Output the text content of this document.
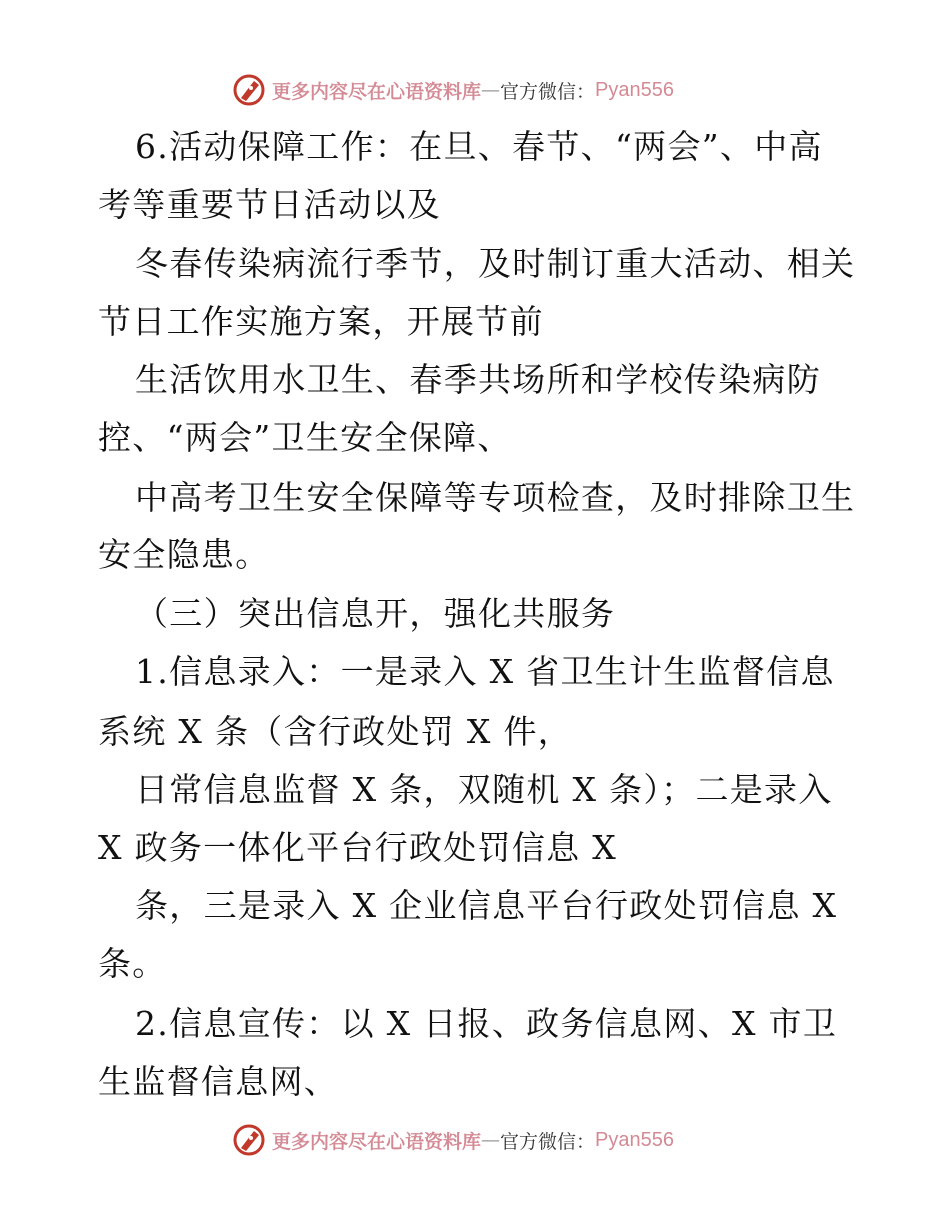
更多内容尽在心语资料库 — 官方微信： Pyan556
6.活动保障工作：在旦、春节、“两会”、中高
考等重要节日活动以及
冬春传染病流行季节，及时制订重大活动、相关
节日工作实施方案，开展节前
生活饮用水卫生、春季共场所和学校传染病防
控、“两会”卫生安全保障、
中高考卫生安全保障等专项检查，及时排除卫生
安全隐患。
（三）突出信息开，强化共服务
1.信息录入：一是录入 X 省卫生计生监督信息
系统 X 条（含行政处罚 X 件，
日常信息监督 X 条，双随机 X 条）；二是录入
X 政务一体化平台行政处罚信息 X
条，三是录入 X 企业信息平台行政处罚信息 X
条。
2.信息宣传：以 X 日报、政务信息网、X 市卫
生监督信息网、
更多内容尽在心语资料库 — 官方微信： Pyan556
